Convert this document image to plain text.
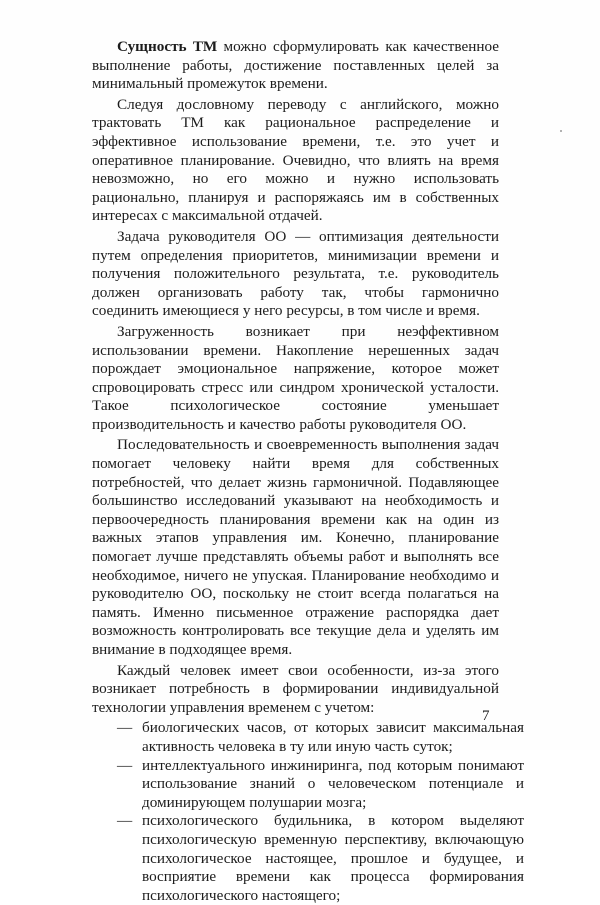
Сущность ТМ можно сформулировать как качественное выполнение работы, достижение поставленных целей за минимальный промежуток времени.

Следуя дословному переводу с английского, можно трактовать ТМ как рациональное распределение и эффективное использование времени, т.е. это учет и оперативное планирование. Очевидно, что влиять на время невозможно, но его можно и нужно использовать рационально, планируя и распоряжаясь им в собственных интересах с максимальной отдачей.

Задача руководителя ОО — оптимизация деятельности путем определения приоритетов, минимизации времени и получения положительного результата, т.е. руководитель должен организовать работу так, чтобы гармонично соединить имеющиеся у него ресурсы, в том числе и время.

Загруженность возникает при неэффективном использовании времени. Накопление нерешенных задач порождает эмоциональное напряжение, которое может спровоцировать стресс или синдром хронической усталости. Такое психологическое состояние уменьшает производительность и качество работы руководителя ОО.

Последовательность и своевременность выполнения задач помогает человеку найти время для собственных потребностей, что делает жизнь гармоничной. Подавляющее большинство исследований указывают на необходимость и первоочередность планирования времени как на один из важных этапов управления им. Конечно, планирование помогает лучше представлять объемы работ и выполнять все необходимое, ничего не упуская. Планирование необходимо и руководителю ОО, поскольку не стоит всегда полагаться на память. Именно письменное отражение распорядка дает возможность контролировать все текущие дела и уделять им внимание в подходящее время.

Каждый человек имеет свои особенности, из-за этого возникает потребность в формировании индивидуальной технологии управления временем с учетом:

— биологических часов, от которых зависит максимальная активность человека в ту или иную часть суток;
— интеллектуального инжиниринга, под которым понимают использование знаний о человеческом потенциале и доминирующем полушарии мозга;
— психологического будильника, в котором выделяют психологическую временную перспективу, включающую психологическое настоящее, прошлое и будущее, и восприятие времени как процесса формирования психологического настоящего;
7
